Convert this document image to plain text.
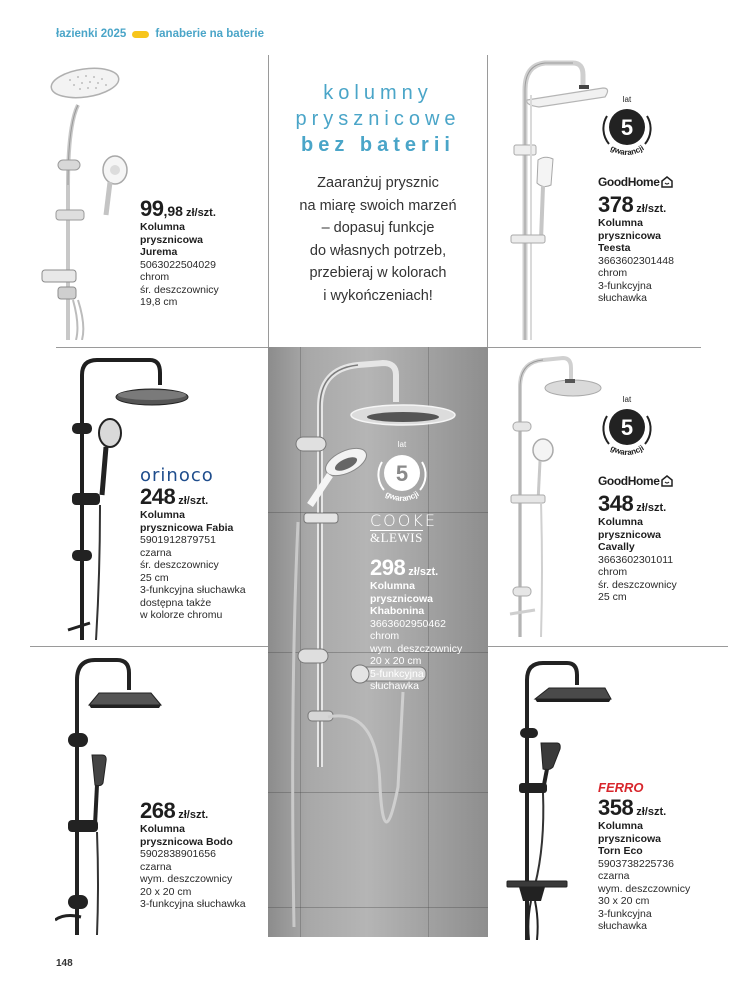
łazienki 2025	fanaberie na baterie
99 ,98 zł/szt.
Kolumna
prysznicowa
Jurema
5063022504029
chrom
śr. deszczownicy
19,8 cm
kolumny
prysznicowe
bez baterii
Zaaranżuj prysznic
na miarę swoich marzeń
– dopasuj funkcje
do własnych potrzeb,
przebieraj w kolorach
i wykończeniach!
5
lat
gwarancji
GoodHome
378 zł/szt.
Kolumna
prysznicowa
Teesta
3663602301448
chrom
3-funkcyjna
słuchawka
orinoco
248 zł/szt.
Kolumna
prysznicowa Fabia
5901912879751
czarna
śr. deszczownicy
25 cm
3-funkcyjna słuchawka
dostępna także
w kolorze chromu
5
lat
gwarancji
COOKE
&LEWIS
298 zł/szt.
Kolumna
prysznicowa
Khabonina
3663602950462
chrom
wym. deszczownicy
20 x 20 cm
5-funkcyjna
słuchawka
5
lat
gwarancji
GoodHome
348 zł/szt.
Kolumna
prysznicowa
Cavally
3663602301011
chrom
śr. deszczownicy
25 cm
268 zł/szt.
Kolumna
prysznicowa Bodo
5902838901656
czarna
wym. deszczownicy
20 x 20 cm
3-funkcyjna słuchawka
FERRO
358 zł/szt.
Kolumna
prysznicowa
Torn Eco
5903738225736
czarna
wym. deszczownicy
30 x 20 cm
3-funkcyjna
słuchawka
148
